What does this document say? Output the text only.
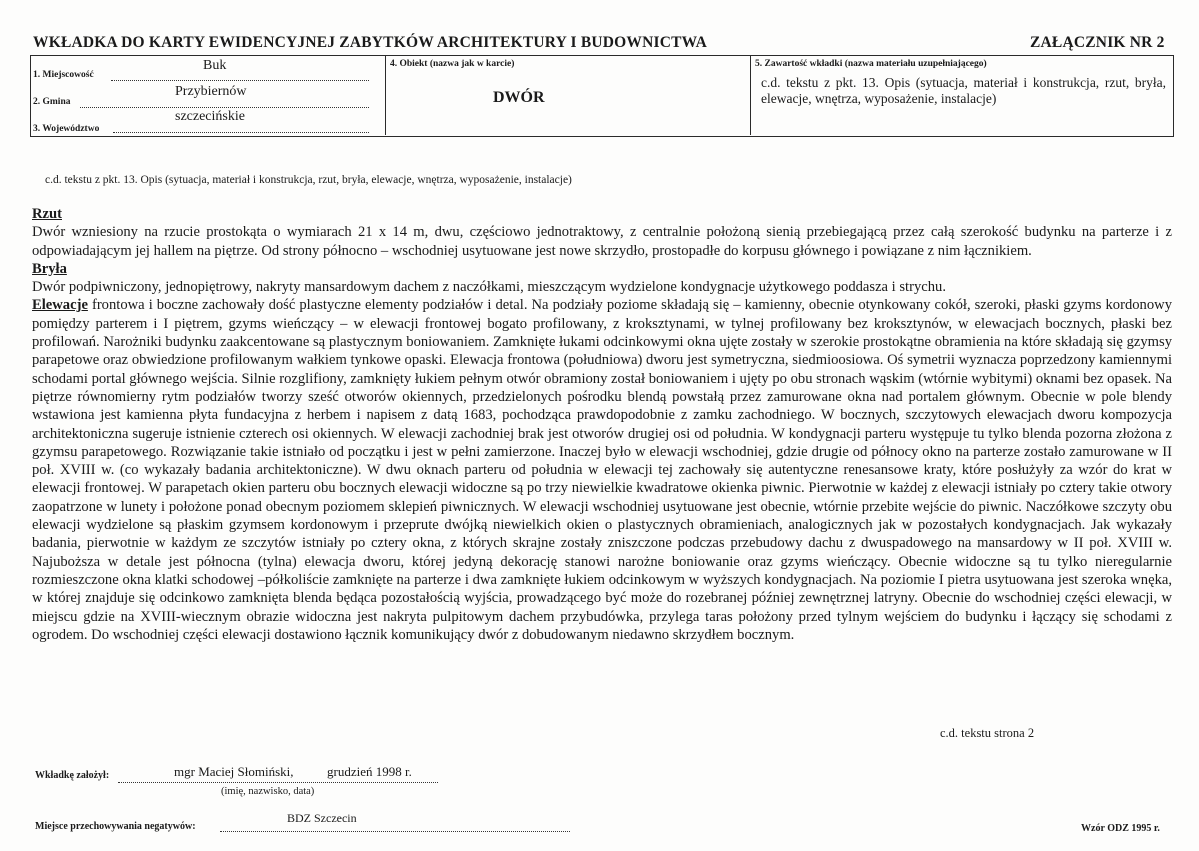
WKŁADKA DO KARTY EWIDENCYJNEJ ZABYTKÓW ARCHITEKTURY I BUDOWNICTWA	ZAŁĄCZNIK NR 2
1. Miejscowość
Buk
2. Gmina
Przybiernów
3. Województwo
szczecińskie
4. Obiekt (nazwa jak w karcie)
DWÓR
5. Zawartość wkładki (nazwa materiału uzupełniającego)
c.d. tekstu z pkt. 13. Opis (sytuacja, materiał i konstrukcja, rzut, bryła, elewacje, wnętrza, wyposażenie, instalacje)
c.d. tekstu z pkt. 13. Opis (sytuacja, materiał i konstrukcja, rzut, bryła, elewacje, wnętrza, wyposażenie, instalacje)
Rzut

Dwór wzniesiony na rzucie prostokąta o wymiarach 21 x 14 m, dwu, częściowo jednotraktowy, z centralnie położoną sienią przebiegającą przez całą szerokość budynku na parterze i z odpowiadającym jej hallem na piętrze. Od strony północno – wschodniej usytuowane jest nowe skrzydło, prostopadłe do korpusu głównego i powiązane z nim łącznikiem.

Bryła

Dwór podpiwniczony, jednopiętrowy, nakryty mansardowym dachem z naczółkami, mieszczącym wydzielone kondygnacje użytkowego poddasza i strychu.

Elewacje frontowa i boczne zachowały dość plastyczne elementy podziałów i detal. Na podziały poziome składają się – kamienny, obecnie otynkowany cokół, szeroki, płaski gzyms kordonowy pomiędzy parterem i I piętrem, gzyms wieńczący – w elewacji frontowej bogato profilowany, z kroksztynami, w tylnej profilowany bez kroksztynów, w elewacjach bocznych, płaski bez profilowań. Narożniki budynku zaakcentowane są plastycznym boniowaniem. Zamknięte łukami odcinkowymi okna ujęte zostały w szerokie prostokątne obramienia na które składają się gzymsy parapetowe oraz obwiedzione profilowanym wałkiem tynkowe opaski. Elewacja frontowa (południowa) dworu jest symetryczna, siedmioosiowa. Oś symetrii wyznacza poprzedzony kamiennymi schodami portal głównego wejścia. Silnie rozglifiony, zamknięty łukiem pełnym otwór obramiony został boniowaniem i ujęty po obu stronach wąskim (wtórnie wybitymi) oknami bez opasek. Na piętrze równomierny rytm podziałów tworzy sześć otworów okiennych, przedzielonych pośrodku blendą powstałą przez zamurowane okna nad portalem głównym. Obecnie w pole blendy wstawiona jest kamienna płyta fundacyjna z herbem i napisem z datą 1683, pochodząca prawdopodobnie z zamku zachodniego. W bocznych, szczytowych elewacjach dworu kompozycja architektoniczna sugeruje istnienie czterech osi okiennych. W elewacji zachodniej brak jest otworów drugiej osi od południa. W kondygnacji parteru występuje tu tylko blenda pozorna złożona z gzymsu parapetowego. Rozwiązanie takie istniało od początku i jest w pełni zamierzone. Inaczej było w elewacji wschodniej, gdzie drugie od północy okno na parterze zostało zamurowane w II poł. XVIII w. (co wykazały badania architektoniczne). W dwu oknach parteru od południa w elewacji tej zachowały się autentyczne renesansowe kraty, które posłużyły za wzór do krat w elewacji frontowej. W parapetach okien parteru obu bocznych elewacji widoczne są po trzy niewielkie kwadratowe okienka piwnic. Pierwotnie w każdej z elewacji istniały po cztery takie otwory zaopatrzone w lunety i położone ponad obecnym poziomem sklepień piwnicznych. W elewacji wschodniej usytuowane jest obecnie, wtórnie przebite wejście do piwnic. Naczółkowe szczyty obu elewacji wydzielone są płaskim gzymsem kordonowym i przeprute dwójką niewielkich okien o plastycznych obramieniach, analogicznych jak w pozostałych kondygnacjach. Jak wykazały badania, pierwotnie w każdym ze szczytów istniały po cztery okna, z których skrajne zostały zniszczone podczas przebudowy dachu z dwuspadowego na mansardowy w II poł. XVIII w. Najuboższa w detale jest północna (tylna) elewacja dworu, której jedyną dekorację stanowi narożne boniowanie oraz gzyms wieńczący. Obecnie widoczne są tu tylko nieregularnie rozmieszczone okna klatki schodowej –półkoliście zamknięte na parterze i dwa zamknięte łukiem odcinkowym w wyższych kondygnacjach. Na poziomie I pietra usytuowana jest szeroka wnęka, w której znajduje się odcinkowo zamknięta blenda będąca pozostałością wyjścia, prowadzącego być może do rozebranej później zewnętrznej latryny. Obecnie do wschodniej części elewacji, w miejscu gdzie na XVIII-wiecznym obrazie widoczna jest nakryta pulpitowym dachem przybudówka, przylega taras położony przed tylnym wejściem do budynku i łączący się schodami z ogrodem. Do wschodniej części elewacji dostawiono łącznik komunikujący dwór z dobudowanym niedawno skrzydłem bocznym.

c.d. tekstu strona 2
Wkładkę założył:	mgr Maciej Słomiński,	grudzień 1998 r.
(imię, nazwisko, data)
Miejsce przechowywania negatywów:
BDZ Szczecin
Wzór ODZ 1995 r.
